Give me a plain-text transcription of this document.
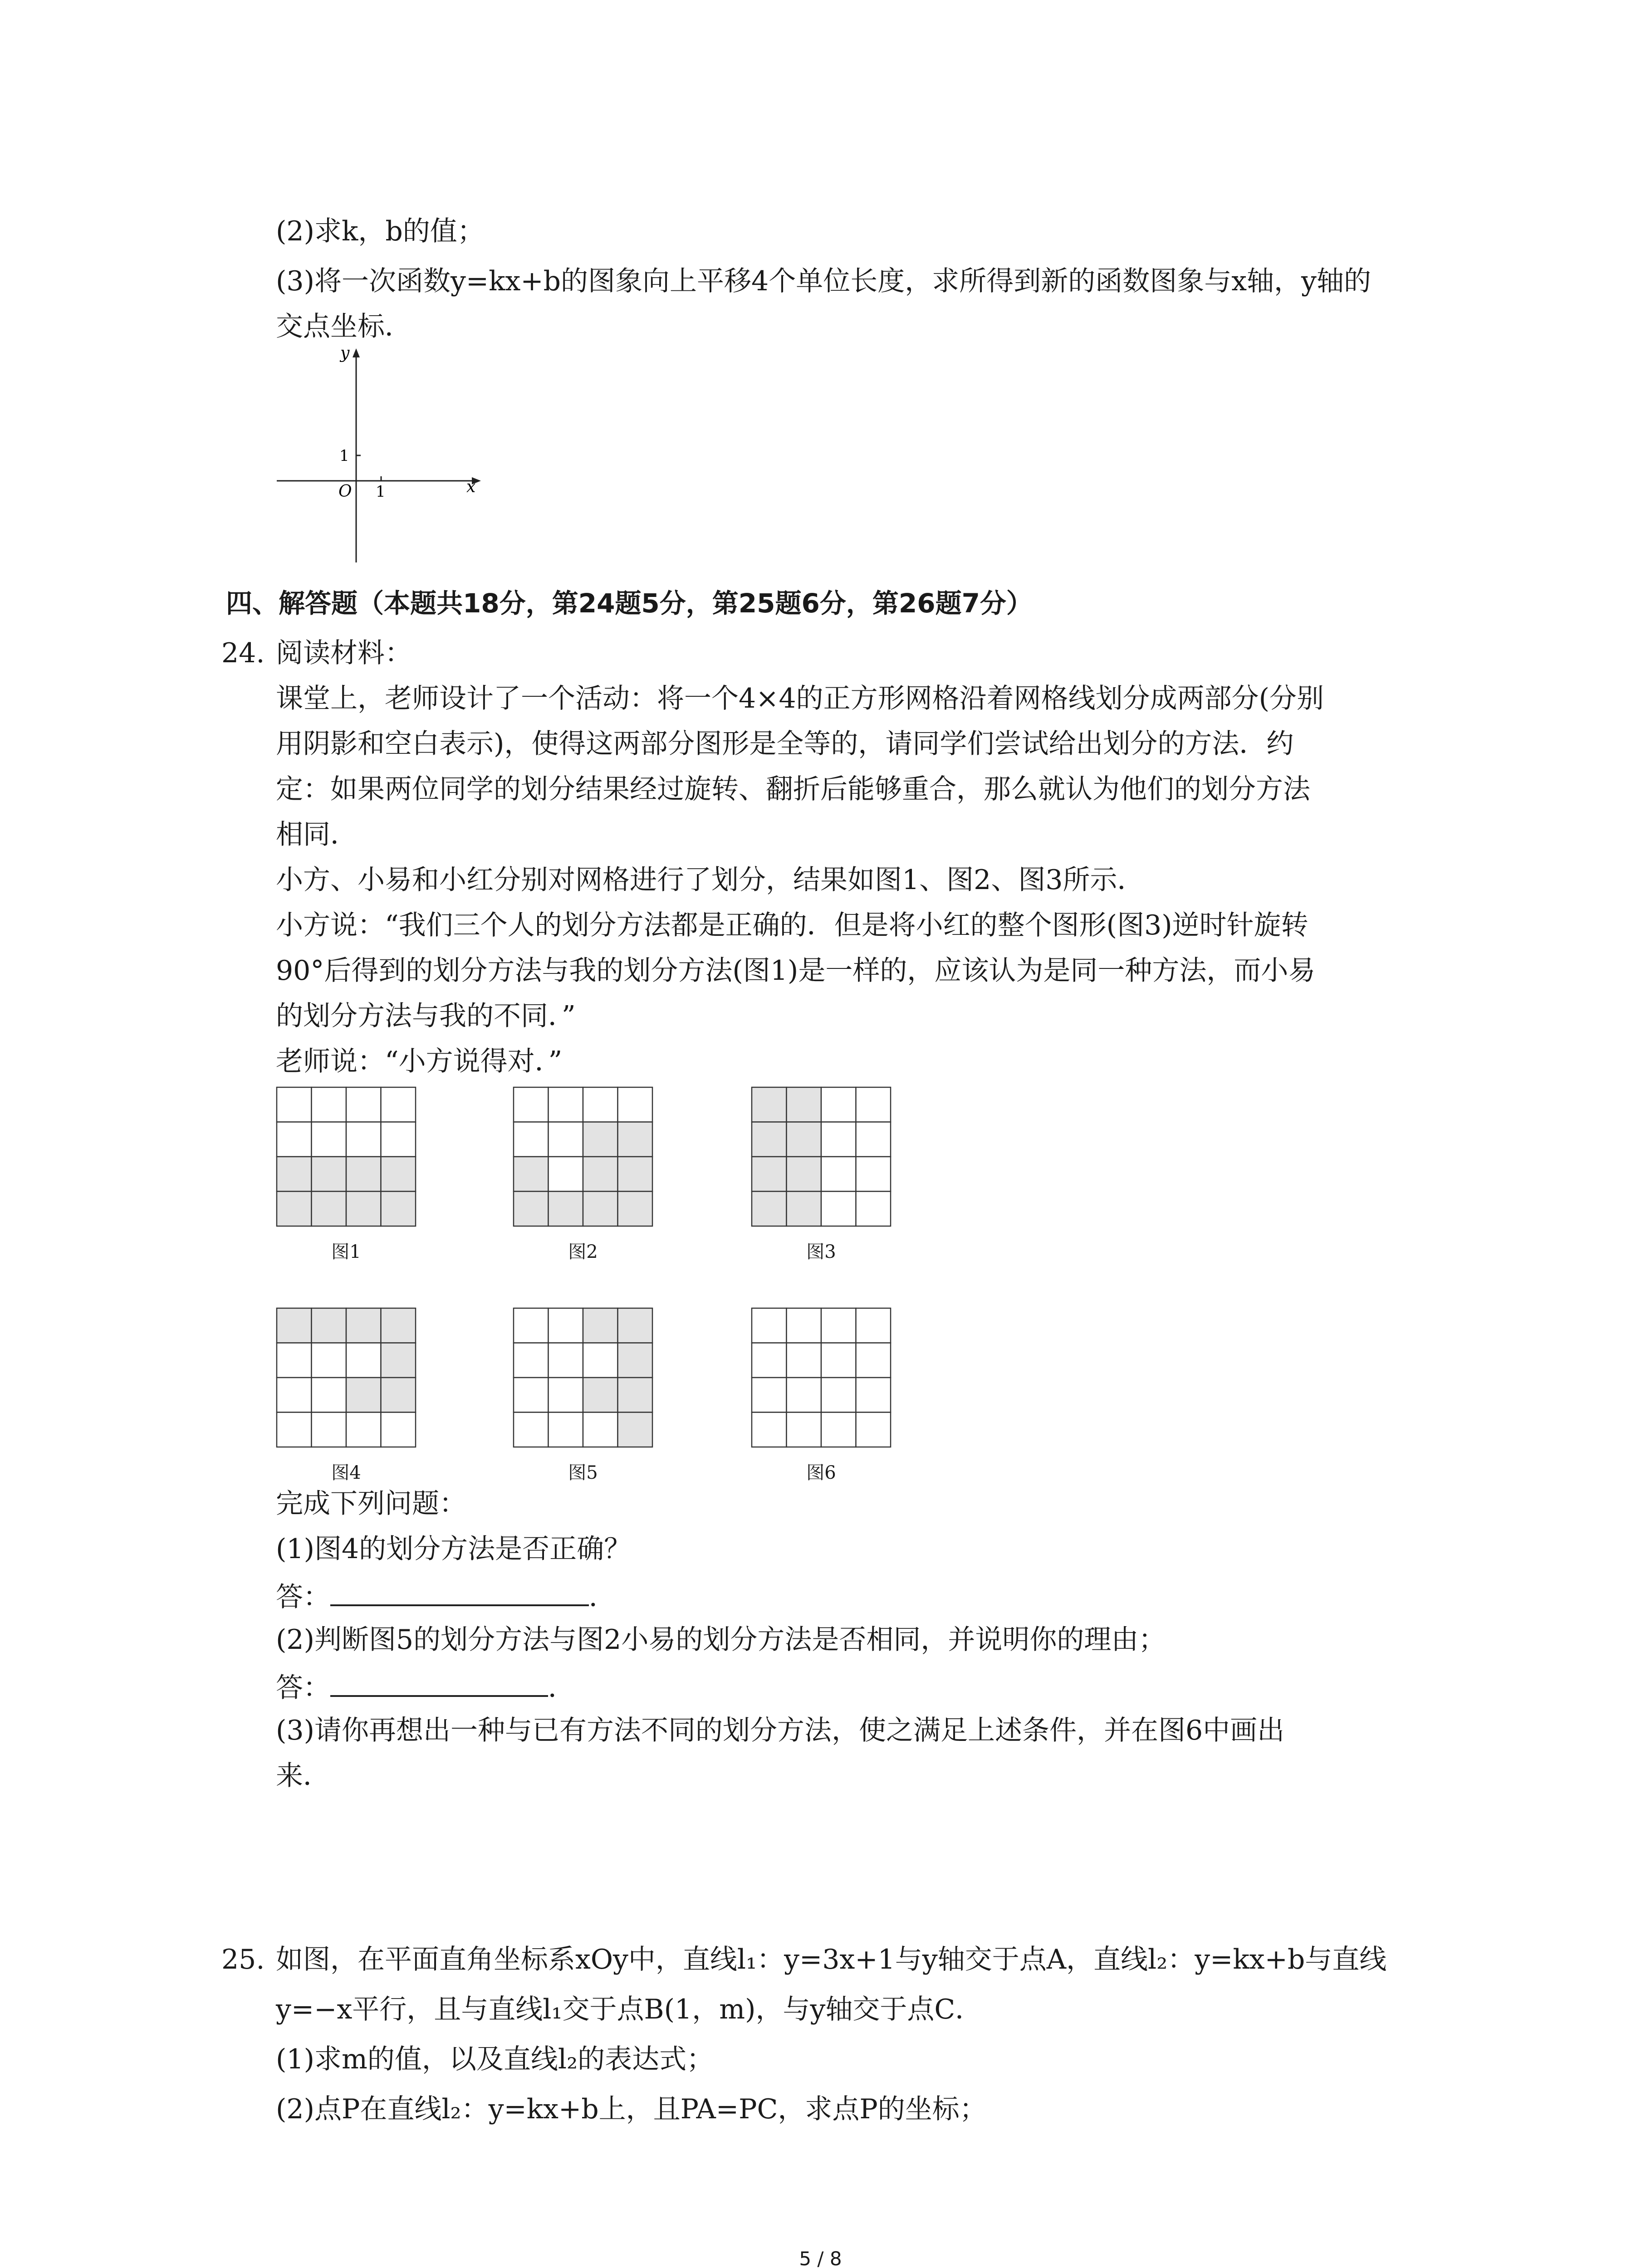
(2)求k，b的值；
(3)将一次函数y=kx+b的图象向上平移4个单位长度，求所得到新的函数图象与x轴，y轴的
交点坐标．
x
y
O 1
1
四、解答题（本题共18分，第24题5分，第25题6分，第26题7分）
24. 阅读材料：
课堂上，老师设计了一个活动：将一个4×4的正方形网格沿着网格线划分成两部分(分别
用阴影和空白表示)，使得这两部分图形是全等的，请同学们尝试给出划分的方法．约
定：如果两位同学的划分结果经过旋转、翻折后能够重合，那么就认为他们的划分方法
相同．
小方、小易和小红分别对网格进行了划分，结果如图1、图2、图3所示．
小方说：“我们三个人的划分方法都是正确的．但是将小红的整个图形(图3)逆时针旋转
90°后得到的划分方法与我的划分方法(图1)是一样的，应该认为是同一种方法，而小易
的划分方法与我的不同．”
老师说：“小方说得对．”
图1	图2	图3
图4	图5	图6
完成下列问题：
(1)图4的划分方法是否正确？
答：	．
(2)判断图5的划分方法与图2小易的划分方法是否相同，并说明你的理由；
答：	．
(3)请你再想出一种与已有方法不同的划分方法，使之满足上述条件，并在图6中画出
来．
25. 如图，在平面直角坐标系xOy中，直线l₁：y=3x+1与y轴交于点A，直线l₂：y=kx+b与直线
y=−x平行，且与直线l₁交于点B(1，m)，与y轴交于点C．
(1)求m的值，以及直线l₂的表达式；
(2)点P在直线l₂：y=kx+b上，且PA=PC，求点P的坐标；
5 / 8
